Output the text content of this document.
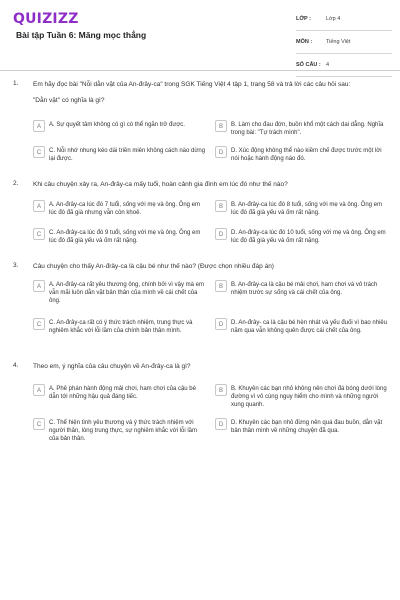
QUIZIZZ
Bài tập Tuần 6: Măng mọc thẳng
LỚP :	Lớp 4
MÔN :	Tiếng Việt
SỐ CÂU : 4
1. Em hãy đọc bài "Nỗi dằn vặt của An-đrây-ca" trong SGK Tiếng Việt 4 tập 1, trang 58 và trả lời các câu hỏi sau:
"Dằn vặt" có nghĩa là gì?
A	A. Sự quyết tâm không có gì có thể ngăn trở được.	B	B. Làm cho đau đớn, buồn khổ một cách dai dẳng. Nghĩa trong bài: "Tự trách mình".
C	C. Nỗi nhớ nhung kéo dài triền miên không cách nào dừng lại được.
D	D. Xúc động không thể nào kiềm chế được trước một lời nói hoặc hành động nào đó.
2. Khi câu chuyện xảy ra, An-đrây-ca mấy tuổi, hoàn cảnh gia đình em lúc đó như thế nào?
A	A. An-đrây-ca lúc đó 7 tuổi, sống với mẹ và ông. Ông em lúc đó đã già nhưng vẫn còn khoẻ.
B	B. An-đrây-ca lúc đó 8 tuổi, sống với mẹ và ông. Ông em lúc đó đã già yếu và ốm rất nặng.
C	C. An-đrây-ca lúc đó 9 tuổi, sống với mẹ và ông. Ông em lúc đó đã già yếu và ốm rất nặng.
D	D. An-đrây-ca lúc đó 10 tuổi, sống với mẹ và ông. Ông em lúc đó đã già yếu và ốm rất nặng.
3. Câu chuyện cho thấy An-đrây-ca là cậu bé như thế nào? (Được chọn nhiều đáp án)
A	A. An-đrây-ca rất yêu thương ông, chính bởi vì vậy mà em vẫn mãi luôn dằn vặt bản thân của mình về cái chết của ông.
B	B. An-đrây-ca là cậu bé mải chơi, ham chơi và vô trách nhiệm trước sự sống và cái chết của ông.
C	C. An-đrây-ca rất có ý thức trách nhiệm, trung thực và nghiêm khắc với lỗi lầm của chính bản thân mình.
D	D. An-đrây- ca là cậu bé hèn nhát và yếu đuối vì bao nhiêu năm qua vẫn không quên được cái chết của ông.
4. Theo em, ý nghĩa của câu chuyện về An-đrây-ca là gì?
A	A. Phê phán hành động mải chơi, ham chơi của cậu bé dẫn tới những hậu quả đáng tiếc.
B	B. Khuyên các bạn nhỏ không nên chơi đá bóng dưới lòng đường vì vô cùng nguy hiểm cho mình và những người xung quanh.
C	C. Thể hiện tình yêu thương và ý thức trách nhiệm với người thân, lòng trung thực, sự nghiêm khắc với lỗi lầm của bản thân.
D	D. Khuyên các bạn nhỏ đừng nên quá đau buồn, dằn vặt bản thân mình về những chuyện đã qua.
